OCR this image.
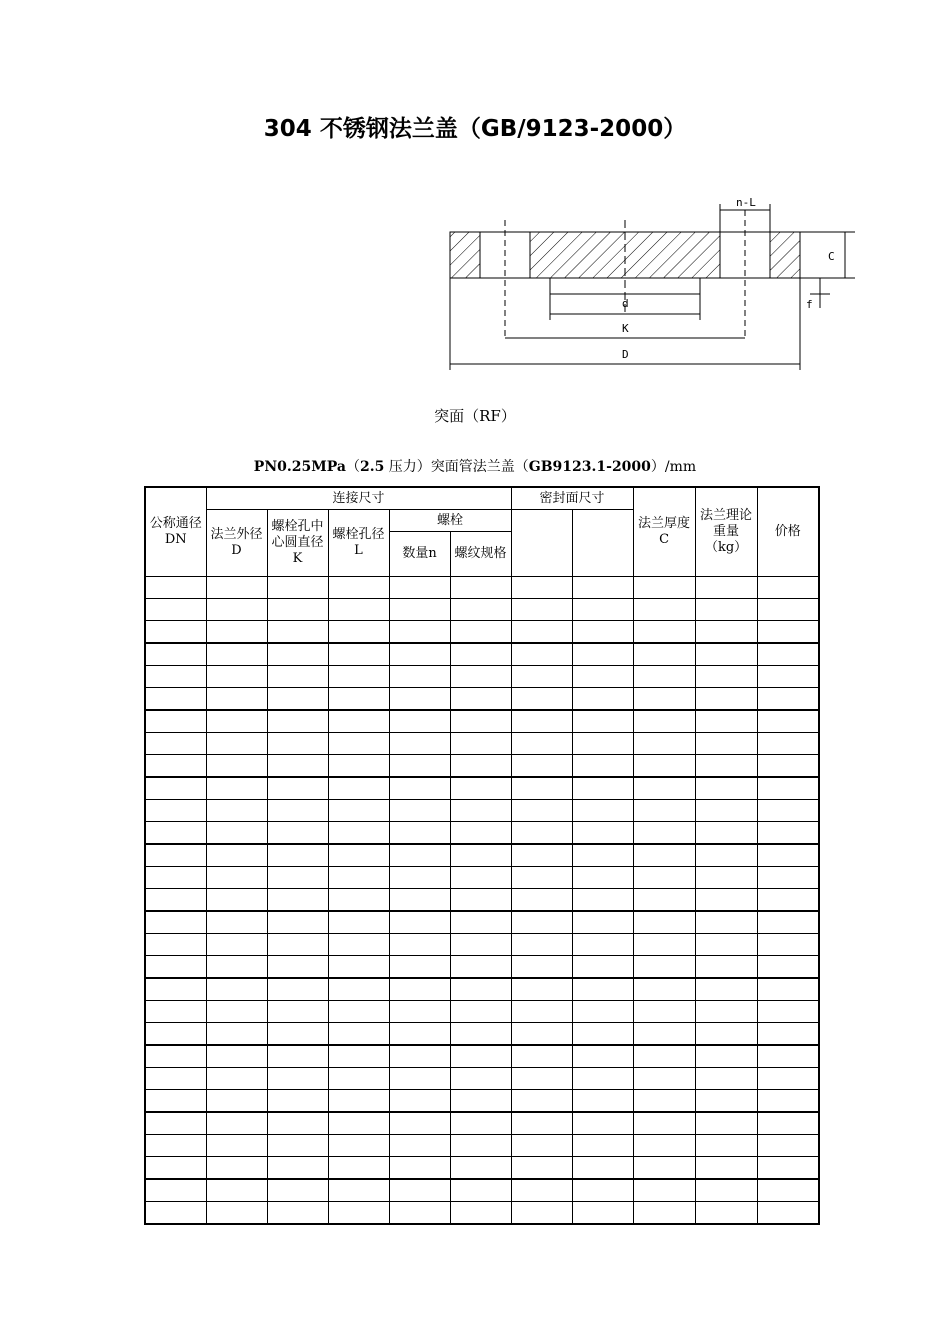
304 不锈钢法兰盖（GB/9123-2000）
n-L
d
K
D
C
f
突面（RF）
PN0.25MPa（2.5 压力）突面管法兰盖（GB9123.1-2000）/mm
公称通径DN	连接尺寸					密封面尺寸		法兰厚度C	法兰理论重量（kg）	价格
	法兰外径D	螺栓孔中心圆直径K	螺栓孔径L	螺栓						
				数量n	螺纹规格					
